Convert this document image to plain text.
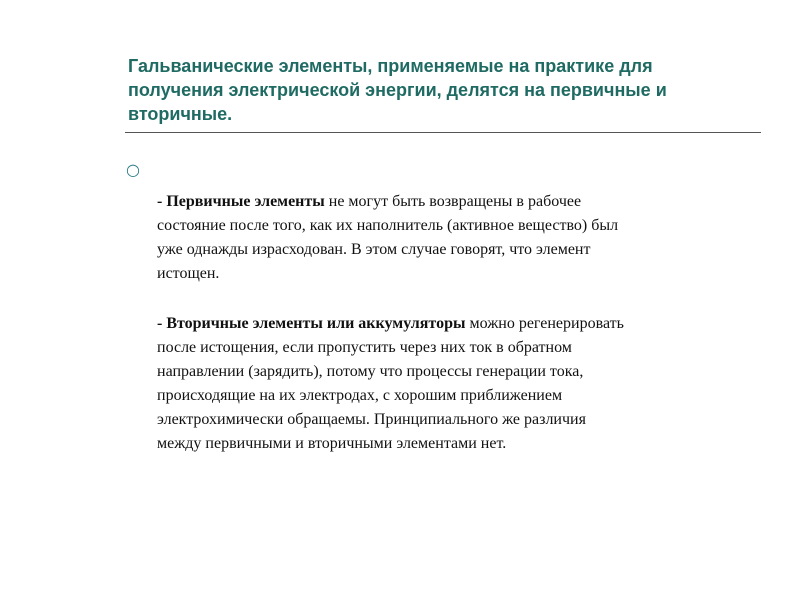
Гальванические элементы, применяемые на практике для
получения электрической энергии, делятся на первичные и
вторичные.
○

- Первичные элементы не могут быть возвращены в рабочее
состояние после того, как их наполнитель (активное вещество) был
уже однажды израсходован. В этом случае говорят, что элемент
истощен.

- Вторичные элементы или аккумуляторы можно регенерировать
после истощения, если пропустить через них ток в обратном
направлении (зарядить), потому что процессы генерации тока,
происходящие на их электродах, с хорошим приближением
электрохимически обращаемы. Принципиального же различия
между первичными и вторичными элементами нет.
